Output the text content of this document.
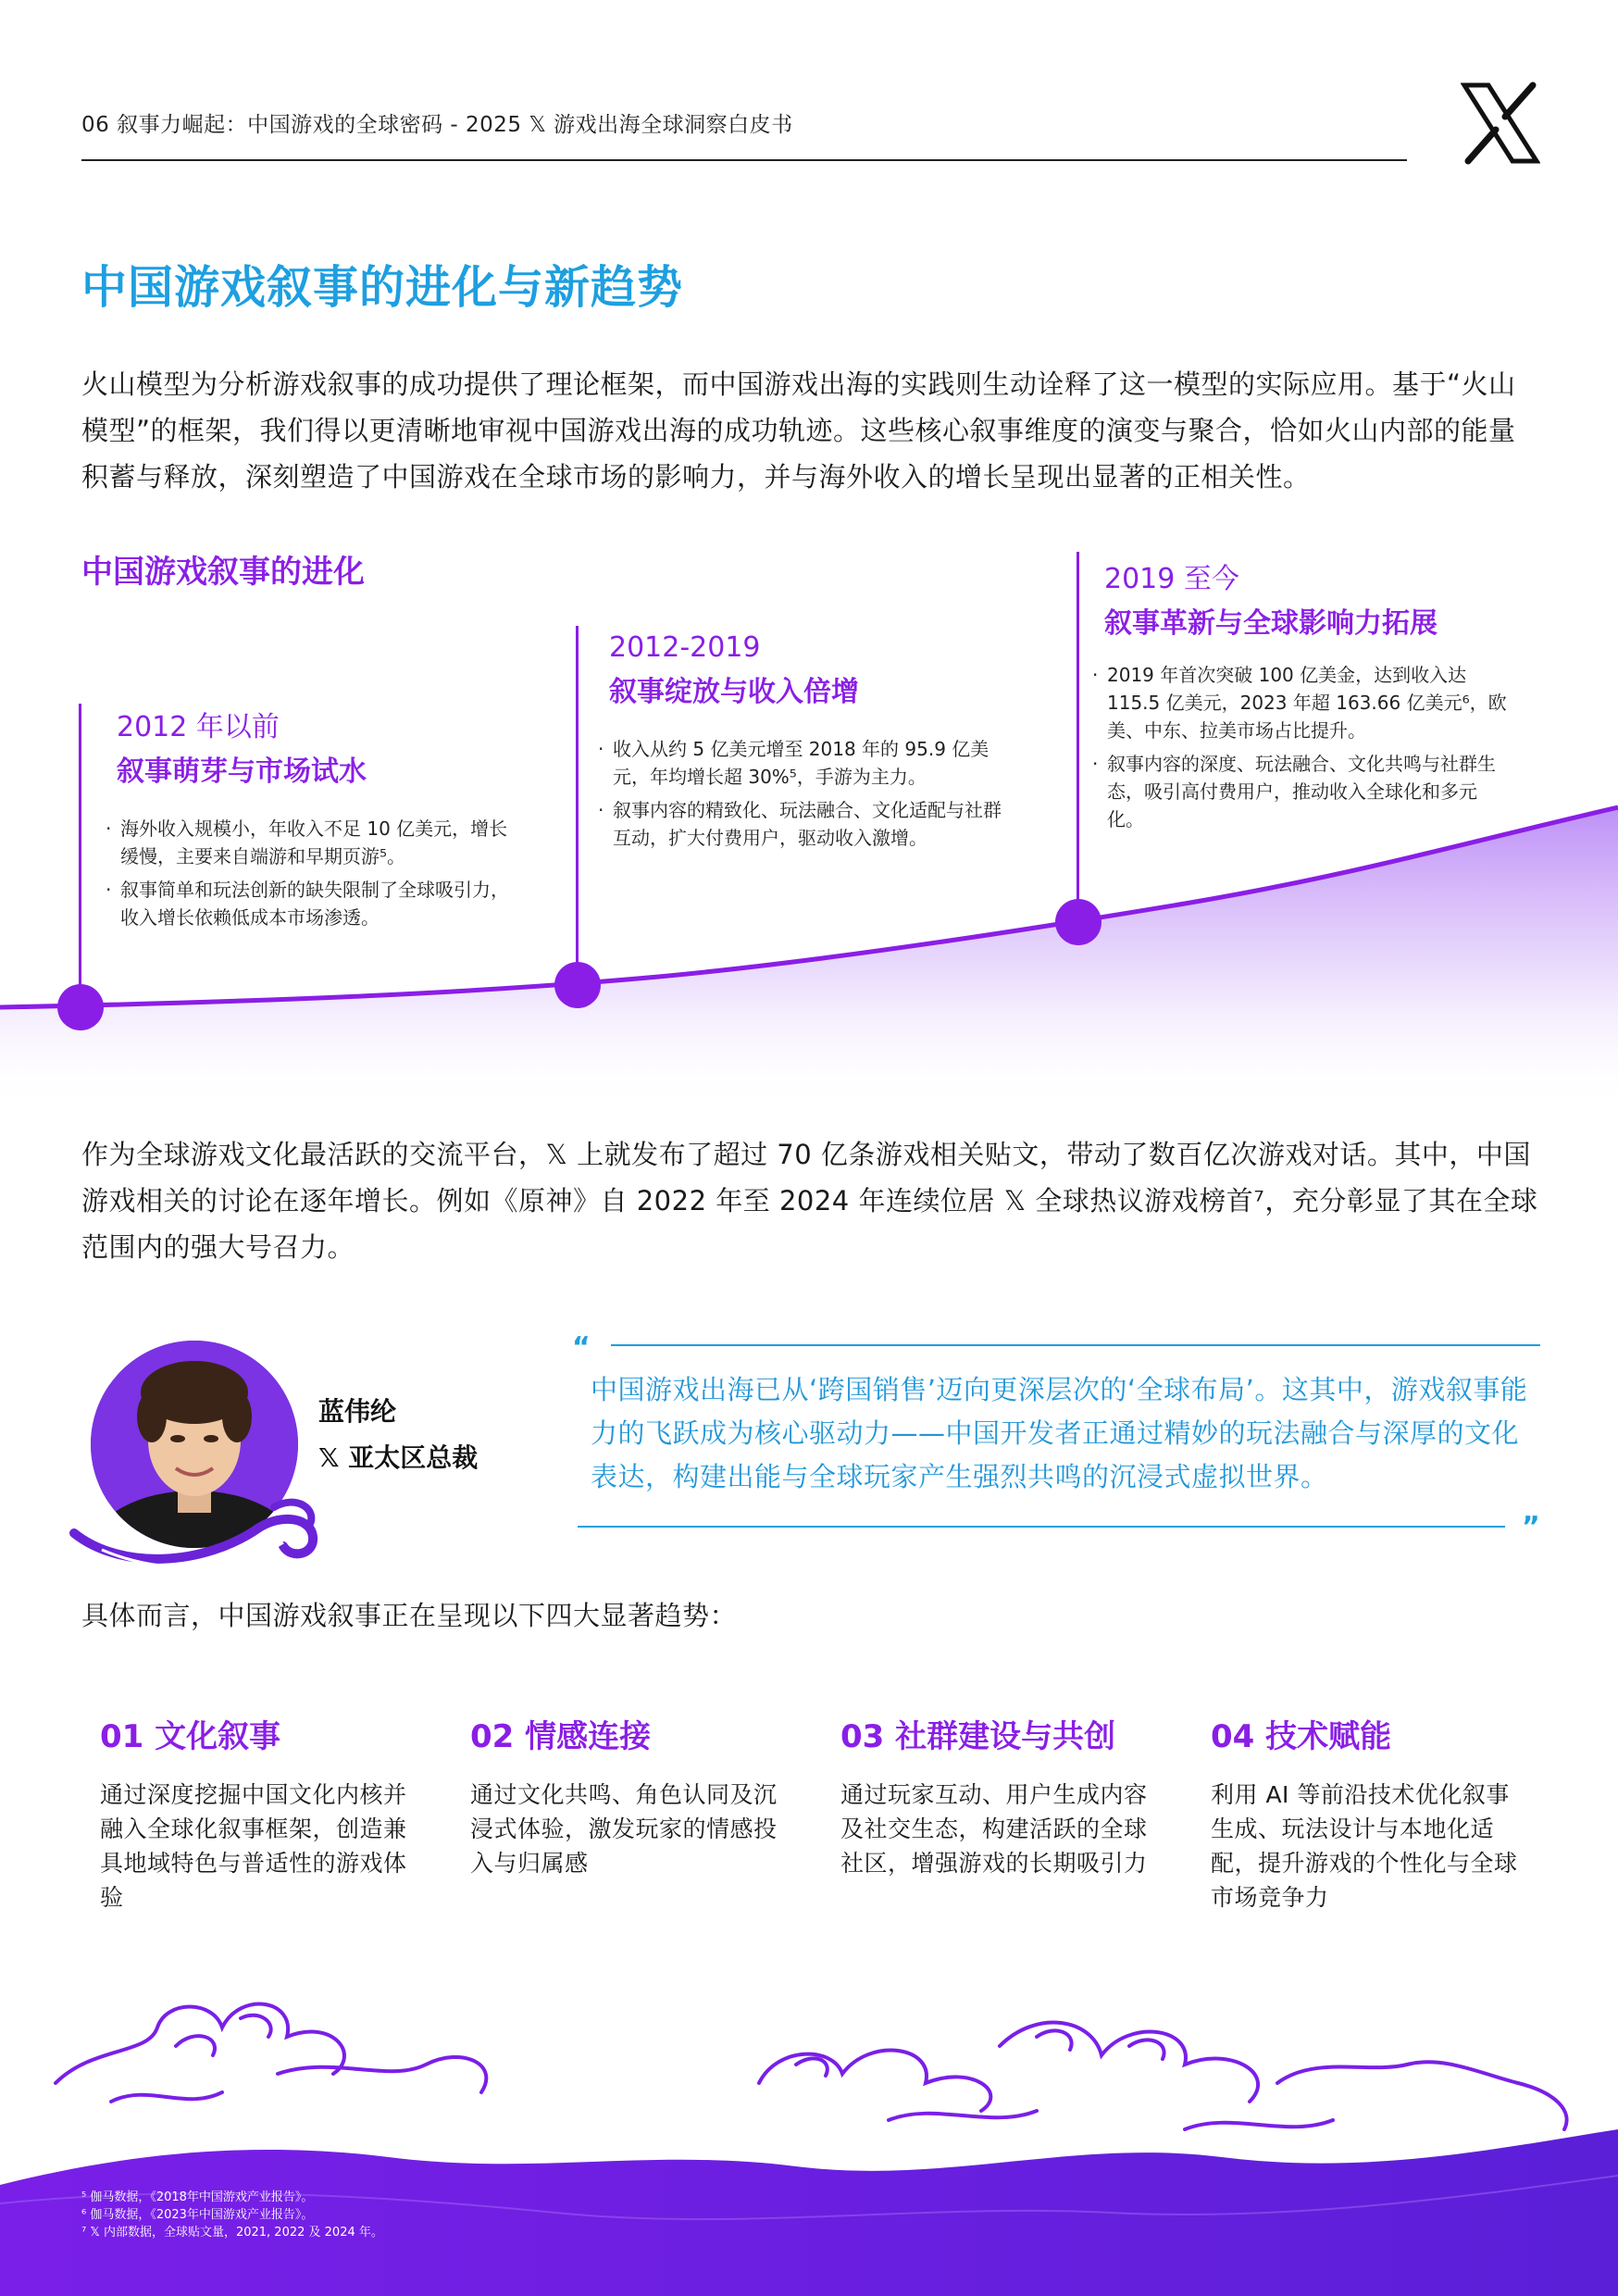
06 叙事力崛起：中国游戏的全球密码 - 2025 𝕏 游戏出海全球洞察白皮书
中国游戏叙事的进化与新趋势
火山模型为分析游戏叙事的成功提供了理论框架，而中国游戏出海的实践则生动诠释了这一模型的实际应用。基于“火山模型”的框架，我们得以更清晰地审视中国游戏出海的成功轨迹。这些核心叙事维度的演变与聚合，恰如火山内部的能量积蓄与释放，深刻塑造了中国游戏在全球市场的影响力，并与海外收入的增长呈现出显著的正相关性。
中国游戏叙事的进化
2012 年以前
叙事萌芽与市场试水
· 海外收入规模小，年收入不足 10 亿美元，增长缓慢，主要来自端游和早期页游⁵。
· 叙事简单和玩法创新的缺失限制了全球吸引力，收入增长依赖低成本市场渗透。
2012-2019
叙事绽放与收入倍增
· 收入从约 5 亿美元增至 2018 年的 95.9 亿美元，年均增长超 30%⁵，手游为主力。
· 叙事内容的精致化、玩法融合、文化适配与社群互动，扩大付费用户，驱动收入激增。
2019 至今
叙事革新与全球影响力拓展
· 2019 年首次突破 100 亿美金，达到收入达 115.5 亿美元，2023 年超 163.66 亿美元⁶，欧美、中东、拉美市场占比提升。
· 叙事内容的深度、玩法融合、文化共鸣与社群生态，吸引高付费用户，推动收入全球化和多元化。
作为全球游戏文化最活跃的交流平台，𝕏 上就发布了超过 70 亿条游戏相关贴文，带动了数百亿次游戏对话。其中，中国游戏相关的讨论在逐年增长。例如《原神》自 2022 年至 2024 年连续位居 𝕏 全球热议游戏榜首⁷，充分彰显了其在全球范围内的强大号召力。
蓝伟纶
𝕏 亚太区总裁
“
中国游戏出海已从‘跨国销售’迈向更深层次的‘全球布局’。这其中，游戏叙事能力的飞跃成为核心驱动力——中国开发者正通过精妙的玩法融合与深厚的文化表达，构建出能与全球玩家产生强烈共鸣的沉浸式虚拟世界。
”
具体而言，中国游戏叙事正在呈现以下四大显著趋势：
01 文化叙事
通过深度挖掘中国文化内核并融入全球化叙事框架，创造兼具地域特色与普适性的游戏体验
02 情感连接
通过文化共鸣、角色认同及沉浸式体验，激发玩家的情感投入与归属感
03 社群建设与共创
通过玩家互动、用户生成内容及社交生态，构建活跃的全球社区，增强游戏的长期吸引力
04 技术赋能
利用 AI 等前沿技术优化叙事生成、玩法设计与本地化适配，提升游戏的个性化与全球市场竞争力
⁵ 伽马数据，《2018年中国游戏产业报告》。
⁶ 伽马数据，《2023年中国游戏产业报告》。
⁷ 𝕏 内部数据，全球贴文量，2021, 2022 及 2024 年。
